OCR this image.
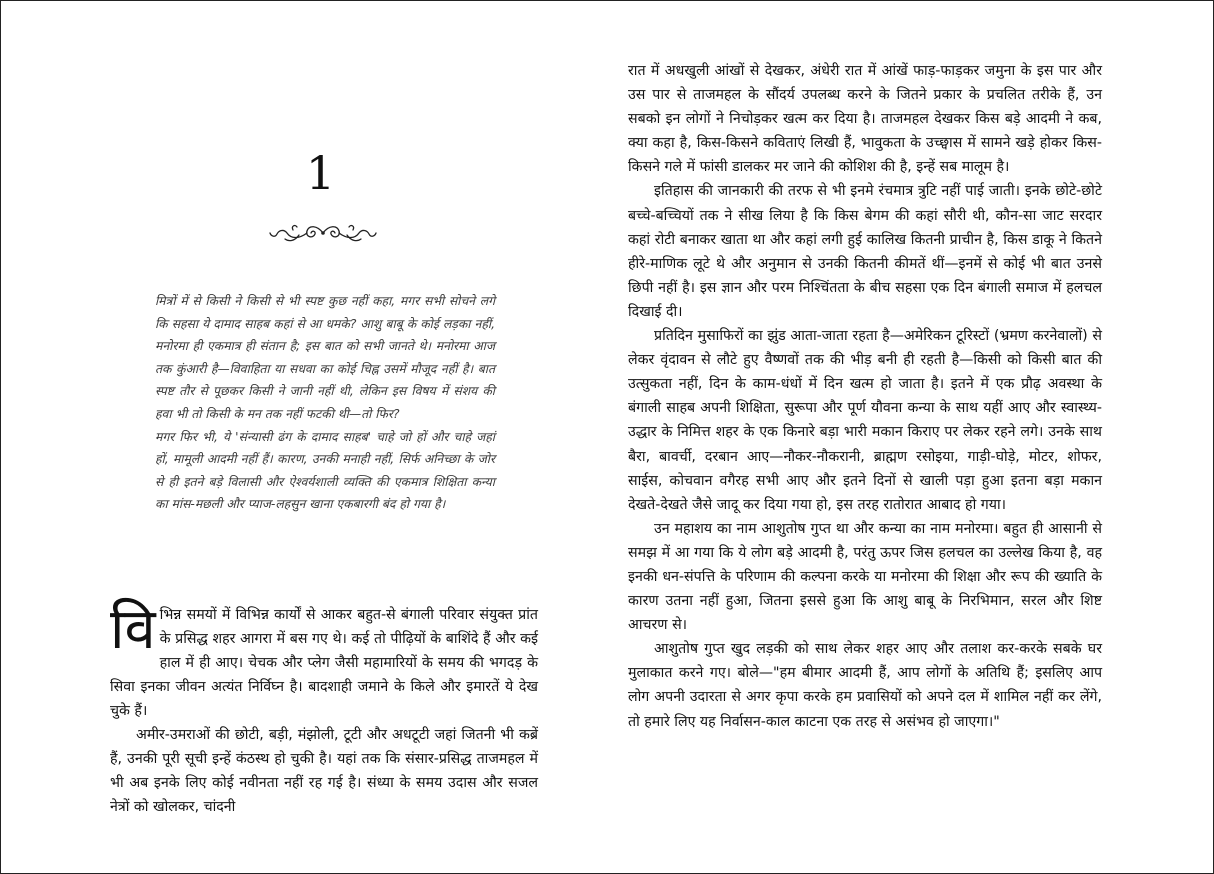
1

मित्रों में से किसी ने किसी से भी स्पष्ट कुछ नहीं कहा, मगर सभी सोचने लगे कि सहसा ये दामाद साहब कहां से आ धमके? आशु बाबू के कोई लड़का नहीं, मनोरमा ही एकमात्र ही संतान है; इस बात को सभी जानते थे। मनोरमा आज तक कुंआरी है—विवाहिता या सधवा का कोई चिह्न उसमें मौजूद नहीं है। बात स्पष्ट तौर से पूछकर किसी ने जानी नहीं थी, लेकिन इस विषय में संशय की हवा भी तो किसी के मन तक नहीं फटकी थी—तो फिर?

मगर फिर भी, ये 'संन्यासी ढंग के दामाद साहब' चाहे जो हों और चाहे जहां हों, मामूली आदमी नहीं हैं। कारण, उनकी मनाही नहीं, सिर्फ अनिच्छा के जोर से ही इतने बड़े विलासी और ऐश्वर्यशाली व्यक्ति की एकमात्र शिक्षिता कन्या का मांस-मछली और प्याज-लहसुन खाना एकबारगी बंद हो गया है।

विभिन्न समयों में विभिन्न कार्यों से आकर बहुत-से बंगाली परिवार संयुक्त प्रांत के प्रसिद्ध शहर आगरा में बस गए थे। कई तो पीढ़ियों के बाशिंदे हैं और कई हाल में ही आए। चेचक और प्लेग जैसी महामारियों के समय की भगदड़ के सिवा इनका जीवन अत्यंत निर्विघ्न है। बादशाही जमाने के किले और इमारतें ये देख चुके हैं।

अमीर-उमराओं की छोटी, बड़ी, मंझोली, टूटी और अधटूटी जहां जितनी भी कब्रें हैं, उनकी पूरी सूची इन्हें कंठस्थ हो चुकी है। यहां तक कि संसार-प्रसिद्ध ताजमहल में भी अब इनके लिए कोई नवीनता नहीं रह गई है। संध्या के समय उदास और सजल नेत्रों को खोलकर, चांदनी

रात में अधखुली आंखों से देखकर, अंधेरी रात में आंखें फाड़-फाड़कर जमुना के इस पार और उस पार से ताजमहल के सौंदर्य उपलब्ध करने के जितने प्रकार के प्रचलित तरीके हैं, उन सबको इन लोगों ने निचोड़कर खत्म कर दिया है। ताजमहल देखकर किस बड़े आदमी ने कब, क्या कहा है, किस-किसने कविताएं लिखी हैं, भावुकता के उच्छ्वास में सामने खड़े होकर किस-किसने गले में फांसी डालकर मर जाने की कोशिश की है, इन्हें सब मालूम है।

इतिहास की जानकारी की तरफ से भी इनमे रंचमात्र त्रुटि नहीं पाई जाती। इनके छोटे-छोटे बच्चे-बच्चियों तक ने सीख लिया है कि किस बेगम की कहां सौरी थी, कौन-सा जाट सरदार कहां रोटी बनाकर खाता था और कहां लगी हुई कालिख कितनी प्राचीन है, किस डाकू ने कितने हीरे-माणिक लूटे थे और अनुमान से उनकी कितनी कीमतें थीं—इनमें से कोई भी बात उनसे छिपी नहीं है। इस ज्ञान और परम निश्चिंतता के बीच सहसा एक दिन बंगाली समाज में हलचल दिखाई दी।

प्रतिदिन मुसाफिरों का झुंड आता-जाता रहता है—अमेरिकन टूरिस्टों (भ्रमण करनेवालों) से लेकर वृंदावन से लौटे हुए वैष्णवों तक की भीड़ बनी ही रहती है—किसी को किसी बात की उत्सुकता नहीं, दिन के काम-धंधों में दिन खत्म हो जाता है। इतने में एक प्रौढ़ अवस्था के बंगाली साहब अपनी शिक्षिता, सुरूपा और पूर्ण यौवना कन्या के साथ यहीं आए और स्वास्थ्य-उद्धार के निमित्त शहर के एक किनारे बड़ा भारी मकान किराए पर लेकर रहने लगे। उनके साथ बैरा, बावर्ची, दरबान आए—नौकर-नौकरानी, ब्राह्मण रसोइया, गाड़ी-घोड़े, मोटर, शोफर, साईस, कोचवान वगैरह सभी आए और इतने दिनों से खाली पड़ा हुआ इतना बड़ा मकान देखते-देखते जैसे जादू कर दिया गया हो, इस तरह रातोरात आबाद हो गया।

उन महाशय का नाम आशुतोष गुप्त था और कन्या का नाम मनोरमा। बहुत ही आसानी से समझ में आ गया कि ये लोग बड़े आदमी है, परंतु ऊपर जिस हलचल का उल्लेख किया है, वह इनकी धन-संपत्ति के परिणाम की कल्पना करके या मनोरमा की शिक्षा और रूप की ख्याति के कारण उतना नहीं हुआ, जितना इससे हुआ कि आशु बाबू के निरभिमान, सरल और शिष्ट आचरण से।

आशुतोष गुप्त खुद लड़की को साथ लेकर शहर आए और तलाश कर-करके सबके घर मुलाकात करने गए। बोले—"हम बीमार आदमी हैं, आप लोगों के अतिथि हैं; इसलिए आप लोग अपनी उदारता से अगर कृपा करके हम प्रवासियों को अपने दल में शामिल नहीं कर लेंगे, तो हमारे लिए यह निर्वासन-काल काटना एक तरह से असंभव हो जाएगा।"
